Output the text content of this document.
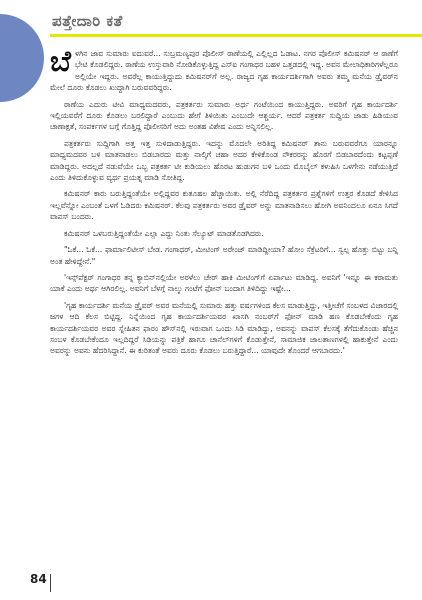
ಪತ್ತೇದಾರಿ ಕತೆ

ಬೆಳಗಿನ ಜಾವ ಸುಮಾರು ಐದುವರೆ... ಸುಬ್ರಮಣ್ಯಪುರ ಪೊಲೀಸ್ ಠಾಣೆಯಲ್ಲಿ ಎಲ್ಲಿಲ್ಲದ ಓಡಾಟ. ನಗರ ಪೊಲೀಸ್ ಕಮಿಷನರ್ ಆ ಠಾಣೆಗೆ ಭೇಟಿ ಕೊಡಲಿದ್ದರು. ಠಾಣೆಯ ಉಸ್ತುವಾರಿ ನೋಡಿಕೊಳ್ಳುತ್ತಿದ್ದ ಎಸ್‌ಐ ಗಂಗಾಧರ ಬಹಳ ಒತ್ತಡದಲ್ಲಿ ಇದ್ದ. ಅವನ ಮೇಲಾಧಿಕಾರಿಗಳೆಲ್ಲರೂ ಅಲ್ಲಿಯೇ ಇದ್ದರು. ಅವರೆಲ್ಲ ಕಾಯುತ್ತಿದ್ದುದು ಕಮಿಷನರ್‌ಗೆ ಅಲ್ಲ. ರಾಜ್ಯದ ಗೃಹ ಕಾರ್ಯದರ್ಶಿಗಾಗಿ ಅವರು ತಮ್ಮ ಮನೆಯ ಡ್ರೈವರ್‌ನ ಮೇಲೆ ದೂರು ಕೊಡಲು ಖುದ್ದಾಗಿ ಬರುವವರಿದ್ದರು.

ಠಾಣೆಯ ಎದುರು ಟೀವಿ ಮಾಧ್ಯಮದವರು, ಪತ್ರಕರ್ತರು ಸುಮಾರು ಅರ್ಧ ಗಂಟೆಯಿಂದ ಕಾಯುತ್ತಿದ್ದರು. ಅವರಿಗೆ ಗೃಹ ಕಾರ್ಯದರ್ಶಿ ಇಲ್ಲಿಯವರೆಗೆ ದೂರು ಕೊಡಲು ಬರಲಿದ್ದಾರೆ ಎಂಬುದು ಹೇಗೆ ತಿಳಿಯಿತು ಎಂಬುದೇ ಆಶ್ಚರ್ಯ. ಆದರೆ ಪತ್ರಕರ್ತ ಸುದ್ದಿಯ ಜಾಡು ಹಿಡಿಯುವ ಚಾಣಾಕ್ಷತೆ, ಸಂಪರ್ಕಗಳ ಬಗ್ಗೆ ಗೊತ್ತಿದ್ದ ಪೊಲೀಸರಿಗೆ ಅದು ಅಂತಹ ವಿಶೇಷ ಎಂದು ಅನ್ನಿಸಲಿಲ್ಲ.

ಪತ್ರಕರ್ತರು ಸುದ್ದಿಗಾಗಿ ಅತ್ತ ಇತ್ತ ಸುಳಿದಾಡುತ್ತಿದ್ದರು. ಇದನ್ನು ಮೊದಲೇ ಅರಿತಿದ್ದ ಕಮಿಷನರ್ ತಾನು ಬರುವವರೆಗೂ ಯಾರನ್ನೂ ಮಾಧ್ಯಮದವರ ಬಳಿ ಮಾತನಾಡಲು ಬಿಡಬಾರದು ಮತ್ತು ನಾಲ್ಕಿಗೆ ಚಹಾ ಅದರ ಕೇಳಿಕೊಂಡ ನೌಕರರನ್ನು ಹೊರಗೆ ಬಿಡಬಾರದೆಂದು ಕಟ್ಟಪ್ಪಣೆ ಮಾಡಿದ್ದರು. ಅದಲ್ಲದೆ ನಡುವೆಯೇ ಒಬ್ಬ ಪತ್ರಕರ್ತ ಟೀ ಕುಡಿಯಲು ಹೊರಟ ಹುಡುಗನ ಬಳಿ ಒಂದು ಮೊಬೈಲ್ ಕಳುಹಿಸಿ ಒಳಗೇನು ನಡೆಯುತ್ತಿದೆ ಎಂದು ತಿಳಿದುಕೊಳ್ಳುವ ವ್ಯರ್ಥ ಪ್ರಯತ್ನ ಮಾಡಿ ಸೋತಿದ್ದ.

ಕಮಿಷನರ್ ಕಾರು ಬರುತ್ತಿದ್ದಂತೆಯೇ ಅಲ್ಲಿದ್ದವರ ಕುತೂಹಲ ಹೆಚ್ಚಾಯಿತು. ಅಲ್ಲಿ ನೆರೆದಿದ್ದ ಪತ್ರಕರ್ತರ ಪ್ರಶ್ನೆಗಳಿಗೆ ಉತ್ತರ ಕೊಡದೆ ಕೇಳಿಸಿದ ಇಲ್ಲವೆನ್ನೋ ಎಂಬಂತೆ ಒಳಗೆ ಓಡಿದರು ಕಮಿಷನರ್. ಕೆಲವು ಪತ್ರಕರ್ತರು ಅವರ ಡ್ರೈವರ್ ಅನ್ನು ಮಾತನಾಡಿಸಲು ಹೋಗಿ ಅವನಿಂದಲೂ ಏನೂ ಸಿಗದೆ ವಾಪಸ್ ಬಂದರು.

ಕಮಿಷನರ್ ಒಳಬರುತ್ತಿದ್ದಂತೆಯೇ ಎಲ್ಲಾ ಎದ್ದು ನಿಂತು ಸೆಲ್ಯೂಟ್ ಮಾಡತೊಡಗಿದರು.

"ಓಕೆ... ಓಕೆ... ಫಾರ್ಮಾಲಿಟೀಸ್ ಬೇಡ. ಗಂಗಾಧರ್, ಮೀಟಿಂಗ್ ಅರೇಂಜ್ ಮಾಡಿದ್ದೀಯಾ? ಹೋಂ ಸೆಕ್ರೆಟರಿಗೆ... ಸ್ವಲ್ಪ ಹೊತ್ತು ಬಿಟ್ಟು ಬನ್ನಿ ಅಂತ ಹೇಳಿದ್ದೇನೆ."

'ಇನ್ಸ್‌ಪೆಕ್ಟರ್ ಗಂಗಾಧರ ತನ್ನ ಕ್ಯಾಬಿನ್‌ನಲ್ಲಿಯೇ ಅರಳೆಲು ಚೇರ್ ಹಾಕಿ ಮೀಟಿಂಗ್‌ಗೆ ಏರ್ಪಾಟು ಮಾಡಿದ್ದ. ಅವನಿಗೆ 'ಇನ್ನೂ ಈ ಕರಾಮತು ಯಾಕೆ ಎಂದು ಅರ್ಥ ಆಗಿರಲಿಲ್ಲ. ಅವನಿಗೆ ಬೆಳಗ್ಗೆ ನಾಲ್ಕು ಗಂಟೆಗೆ ಫೋನ್ ಬಂದಾಗ ತಿಳಿದಿದ್ದು ಇಷ್ಟೇ...

'ಗೃಹ ಕಾರ್ಯದರ್ಶಿ ಮನೆಯ ಡ್ರೈವರ್ ಅವರ ಮನೆಯಲ್ಲಿ ಸುಮಾರು ಹತ್ತು ವರ್ಷಗಳಿಂದ ಕೆಲಸ ಮಾಡುತ್ತಿದ್ದು, ಇತ್ತೀಚೆಗೆ ಸಂಬಳದ ವಿಚಾರದಲ್ಲಿ ಜಗಳ ಆದಿ ಕೆಲಸ ಬಿಟ್ಟಿದ್ದ. ನಿನ್ನೆಯಿಂದ ಗೃಹ ಕಾರ್ಯದರ್ಶಿಯವರ ಖಾಸಗಿ ನಂಬರ್‌ಗೆ ಫೋನ್ ಮಾಡಿ ಹಣ ಕೊಡಬೇಕೆಂದು ಗೃಹ ಕಾರ್ಯದರ್ಶಿಯವರ ಅವರ ಸ್ನೇಹಿತನ ಫಾರಂ ಹೌಸ್‌ನಲ್ಲಿ ಇರುವಾಗ ಒಂದು ಸಿಡಿ ಮಾಡಿದ್ದು, ಅವನನ್ನು ವಾಪಸ್ ಕೆಲಸಕ್ಕೆ ತೆಗೆದುಕೊಂಡು ಹೆಚ್ಚಿನ ಸಂಬಳ ಕೊಡಬೇಕೆಂದೂ ಇಲ್ಲದಿದ್ದರೆ ಸಿಡಿಯನ್ನು ಪತ್ರಿಕೆ ಹಾಗೂ ಚಾನೆಲ್‌ಗಳಿಗೆ ಕೊಡುತ್ತೇನೆ, ಸಾಮಾಜಿಕ ಜಾಲತಾಣಗಳಲ್ಲಿ ಹಾಕುತ್ತೇನೆ ಎಂದು ಅವರನ್ನು ಅವನು ಹೆದರಿಸಿದ್ದಾನೆ. ಈ ಕುರಿತಂತೆ ಅವರು ದೂರು ಕೊಡಲು ಬರುತ್ತಿದ್ದಾರೆ... ಯಾವುದೇ ತೊಂದರೆ ಆಗಬಾರದು.'

84
